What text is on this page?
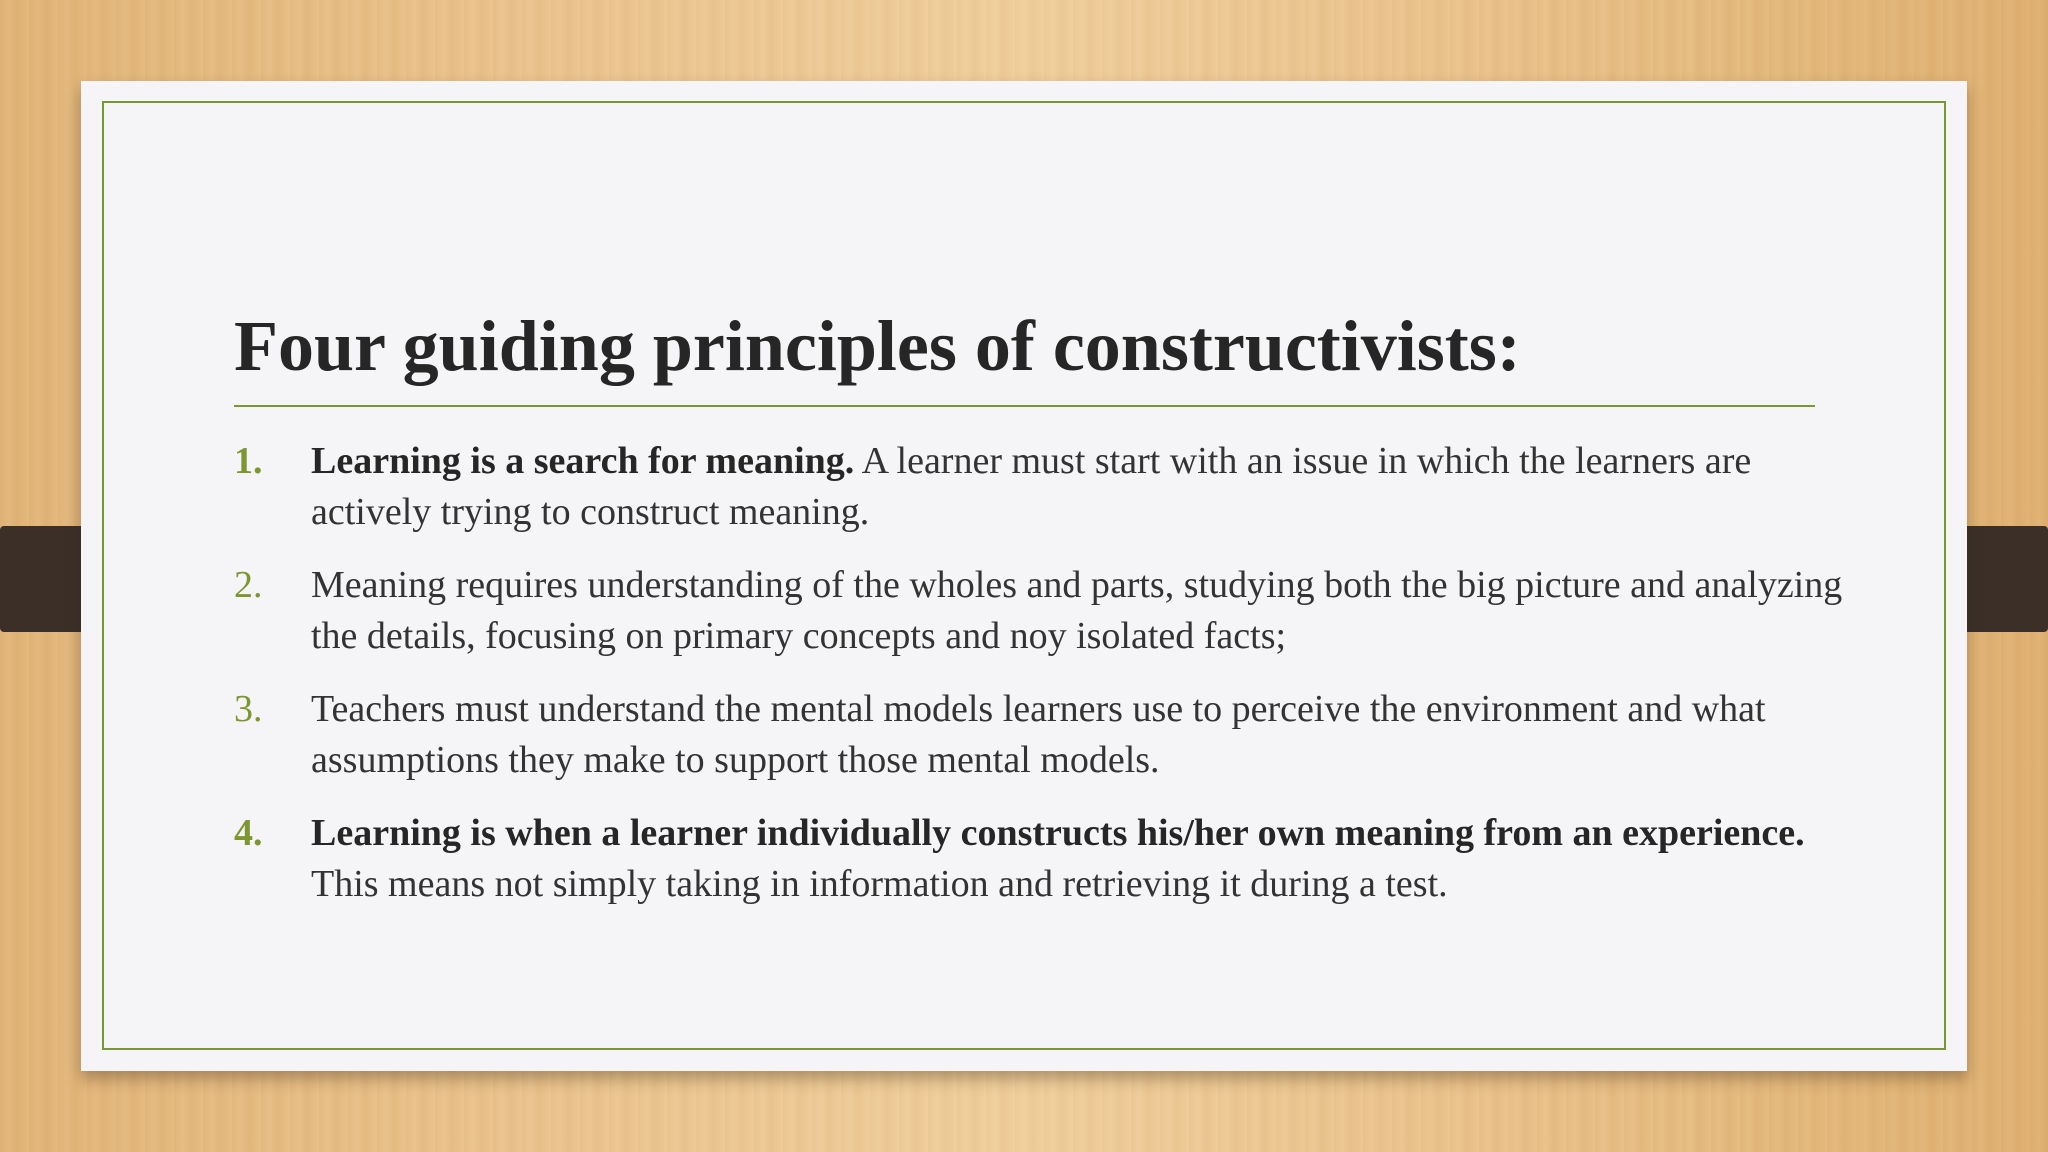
Four guiding principles of constructivists:
1. Learning is a search for meaning. A learner must start with an issue in which the learners are actively trying to construct meaning.
2. Meaning requires understanding of the wholes and parts, studying both the big picture and analyzing the details, focusing on primary concepts and noy isolated facts;
3. Teachers must understand the mental models learners use to perceive the environment and what assumptions they make to support those mental models.
4. Learning is when a learner individually constructs his/her own meaning from an experience. This means not simply taking in information and retrieving it during a test.
